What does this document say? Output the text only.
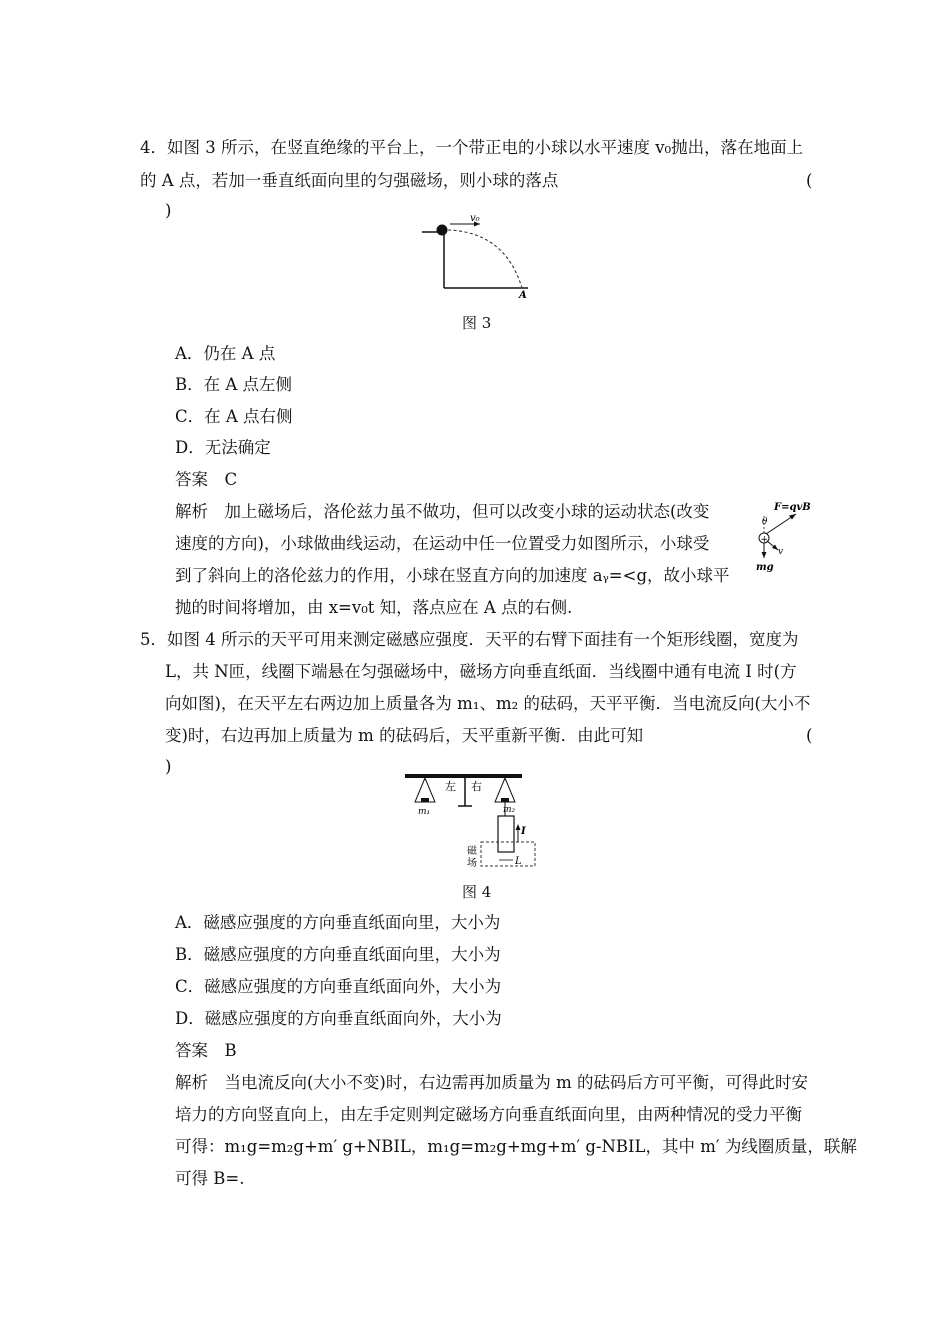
4．如图 3 所示，在竖直绝缘的平台上，一个带正电的小球以水平速度 v₀抛出，落在地面上
的 A 点，若加一垂直纸面向里的匀强磁场，则小球的落点	(
)	v₀
A
图 3
A．仍在 A 点
B．在 A 点左侧
C．在 A 点右侧
D．无法确定
答案　C
解析　加上磁场后，洛伦兹力虽不做功，但可以改变小球的运动状态(改变
速度的方向)，小球做曲线运动，在运动中任一位置受力如图所示，小球受
到了斜向上的洛伦兹力的作用，小球在竖直方向的加速度 aᵧ=<g，故小球平
抛的时间将增加，由 x=v₀t 知，落点应在 A 点的右侧.
+
F=qvB
θ
v
mg
5．如图 4 所示的天平可用来测定磁感应强度．天平的右臂下面挂有一个矩形线圈，宽度为
L，共 N匝，线圈下端悬在匀强磁场中，磁场方向垂直纸面．当线圈中通有电流 I 时(方
向如图)，在天平左右两边加上质量各为 m₁、m₂ 的砝码，天平平衡．当电流反向(大小不
变)时，右边再加上质量为 m 的砝码后，天平重新平衡．由此可知	(
)
左 右
m₁	m₂
I
L
磁
场
图 4
A．磁感应强度的方向垂直纸面向里，大小为
B．磁感应强度的方向垂直纸面向里，大小为
C．磁感应强度的方向垂直纸面向外，大小为
D．磁感应强度的方向垂直纸面向外，大小为
答案　B
解析　当电流反向(大小不变)时，右边需再加质量为 m 的砝码后方可平衡，可得此时安
培力的方向竖直向上，由左手定则判定磁场方向垂直纸面向里，由两种情况的受力平衡
可得：m₁g=m₂g+m′ g+NBIL，m₁g=m₂g+mg+m′ g-NBIL，其中 m′ 为线圈质量，联解
可得 B=.
